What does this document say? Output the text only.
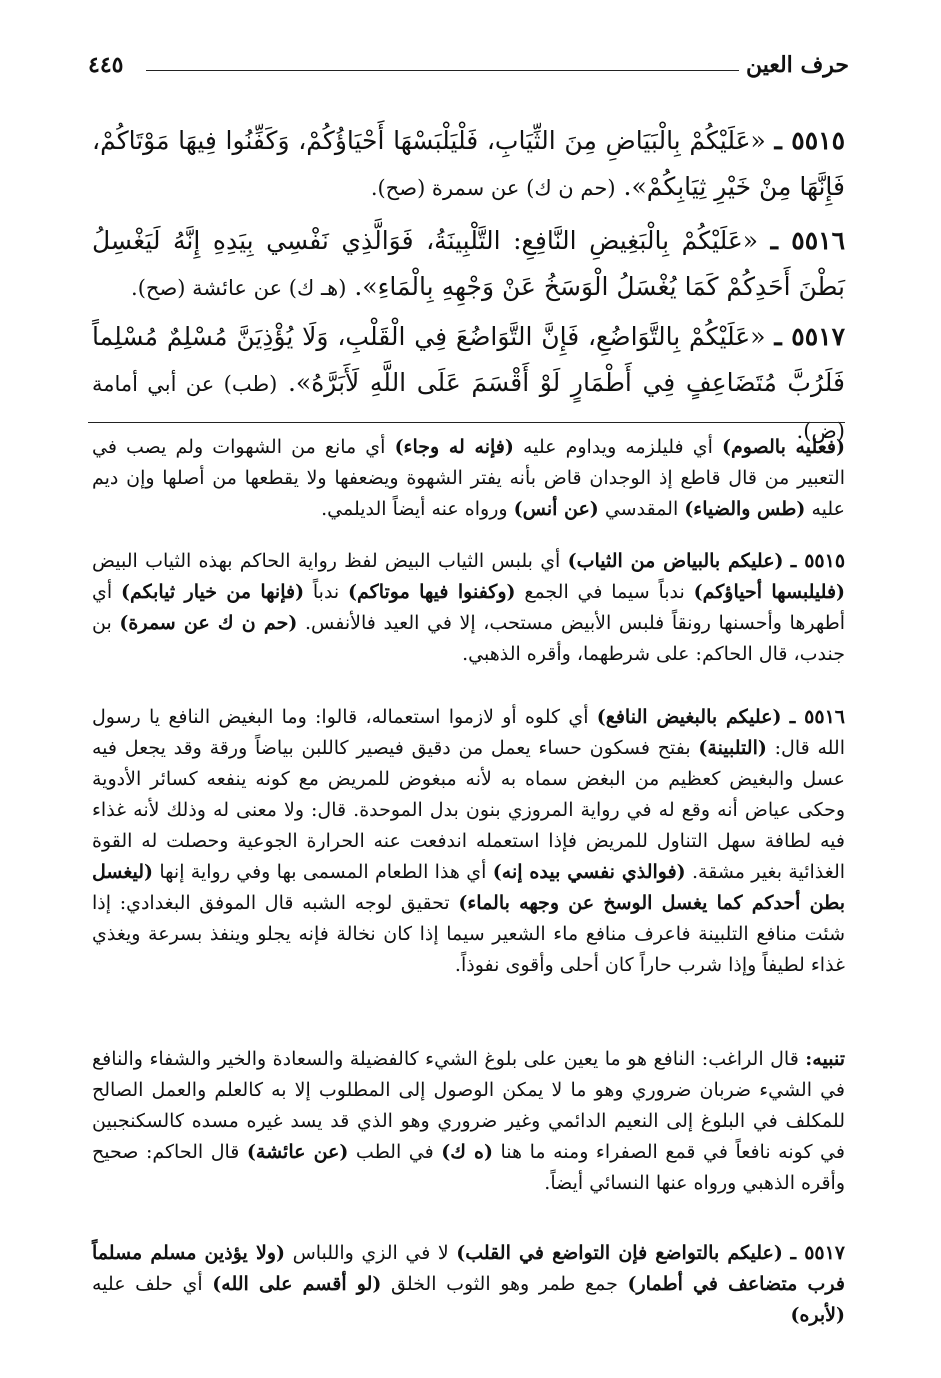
حرف العين
٤٤٥
٥٥١٥ ـ «عَلَيْكُمْ بِالْبَيَاضِ مِنَ الثِّيَابِ، فَلْيَلْبَسْهَا أَحْيَاؤُكُمْ، وَكَفِّنُوا فِيهَا مَوْتَاكُمْ، فَإِنَّهَا مِنْ خَيْرِ ثِيَابِكُمْ». (حم ن ك) عن سمرة (صح).
٥٥١٦ ـ «عَلَيْكُمْ بِالْبَغِيضِ النَّافِعِ: التَّلْبِينَةُ، فَوَالَّذِي نَفْسِي بِيَدِهِ إِنَّهُ لَيَغْسِلُ بَطْنَ أَحَدِكُمْ كَمَا يُغْسَلُ الْوَسَخُ عَنْ وَجْهِهِ بِالْمَاءِ». (هـ ك) عن عائشة (صح).
٥٥١٧ ـ «عَلَيْكُمْ بِالتَّوَاضُعِ، فَإِنَّ التَّوَاضُعَ فِي الْقَلْبِ، وَلَا يُؤْذِيَنَّ مُسْلِمٌ مُسْلِماً فَلَرُبَّ مُتَضَاعِفٍ فِي أَطْمَارٍ لَوْ أَقْسَمَ عَلَى اللَّهِ لَأَبَرَّهُ». (طب) عن أبي أمامة (ض).
(فعليه بالصوم) أي فليلزمه ويداوم عليه (فإنه له وجاء) أي مانع من الشهوات ولم يصب في التعبير من قال قاطع إذ الوجدان قاض بأنه يفتر الشهوة ويضعفها ولا يقطعها من أصلها وإن ديم عليه (طس والضياء) المقدسي (عن أنس) ورواه عنه أيضاً الديلمي.
٥٥١٥ ـ (عليكم بالبياض من الثياب) أي بلبس الثياب البيض لفظ رواية الحاكم بهذه الثياب البيض (فليلبسها أحياؤكم) ندباً سيما في الجمع (وكفنوا فيها موتاكم) ندباً (فإنها من خيار ثيابكم) أي أطهرها وأحسنها رونقاً فلبس الأبيض مستحب، إلا في العيد فالأنفس. (حم ن ك عن سمرة) بن جندب، قال الحاكم: على شرطهما، وأقره الذهبي.
٥٥١٦ ـ (عليكم بالبغيض النافع) أي كلوه أو لازموا استعماله، قالوا: وما البغيض النافع يا رسول الله قال: (التلبينة) بفتح فسكون حساء يعمل من دقيق فيصير كاللبن بياضاً ورقة وقد يجعل فيه عسل والبغيض كعظيم من البغض سماه به لأنه مبغوض للمريض مع كونه ينفعه كسائر الأدوية وحكى عياض أنه وقع له في رواية المروزي بنون بدل الموحدة. قال: ولا معنى له وذلك لأنه غذاء فيه لطافة سهل التناول للمريض فإذا استعمله اندفعت عنه الحرارة الجوعية وحصلت له القوة الغذائية بغير مشقة. (فوالذي نفسي بيده إنه) أي هذا الطعام المسمى بها وفي رواية إنها (ليغسل بطن أحدكم كما يغسل الوسخ عن وجهه بالماء) تحقيق لوجه الشبه قال الموفق البغدادي: إذا شئت منافع التلبينة فاعرف منافع ماء الشعير سيما إذا كان نخالة فإنه يجلو وينفذ بسرعة ويغذي غذاء لطيفاً وإذا شرب حاراً كان أحلى وأقوى نفوذاً.
تنبيه: قال الراغب: النافع هو ما يعين على بلوغ الشيء كالفضيلة والسعادة والخير والشفاء والنافع في الشيء ضربان ضروري وهو ما لا يمكن الوصول إلى المطلوب إلا به كالعلم والعمل الصالح للمكلف في البلوغ إلى النعيم الدائمي وغير ضروري وهو الذي قد يسد غيره مسده كالسكنجبين في كونه نافعاً في قمع الصفراء ومنه ما هنا (ه ك) في الطب (عن عائشة) قال الحاكم: صحيح وأقره الذهبي ورواه عنها النسائي أيضاً.
٥٥١٧ ـ (عليكم بالتواضع فإن التواضع في القلب) لا في الزي واللباس (ولا يؤذين مسلم مسلماً فرب متضاعف في أطمار) جمع طمر وهو الثوب الخلق (لو أقسم على الله) أي حلف عليه (لأبره)
